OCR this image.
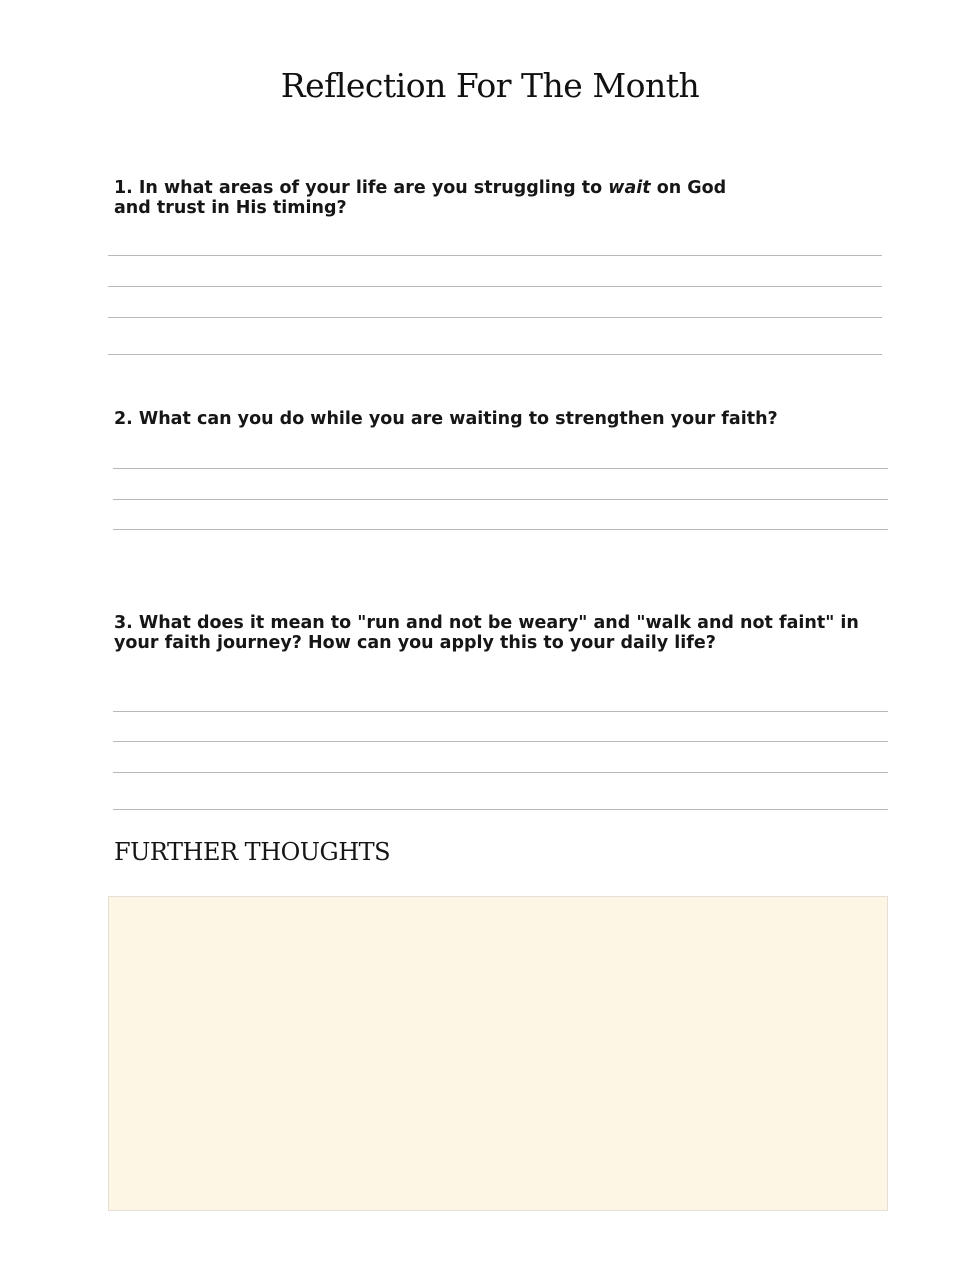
Reflection For The Month
1. In what areas of your life are you struggling to wait on God and trust in His timing?
2. What can you do while you are waiting to strengthen your faith?
3. What does it mean to "run and not be weary" and "walk and not faint" in your faith journey? How can you apply this to your daily life?
FURTHER THOUGHTS
